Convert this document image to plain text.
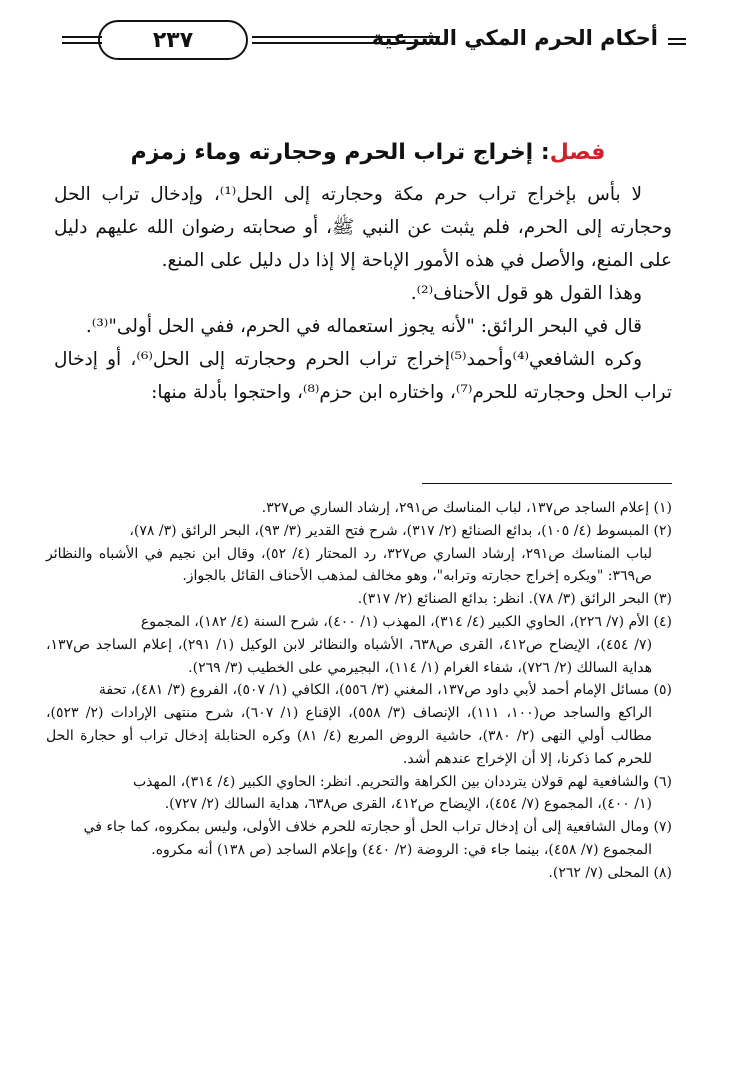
أحكام الحرم المكي الشرعية
٢٣٧
فصل: إخراج تراب الحرم وحجارته وماء زمزم

لا بأس بإخراج تراب حرم مكة وحجارته إلى الحل⁽¹⁾، وإدخال تراب الحل وحجارته إلى الحرم، فلم يثبت عن النبي ﷺ، أو صحابته رضوان الله عليهم دليل على المنع، والأصل في هذه الأمور الإباحة إلا إذا دل دليل على المنع.

وهذا القول هو قول الأحناف⁽²⁾.

قال في البحر الرائق: "لأنه يجوز استعماله في الحرم، ففي الحل أولى"⁽³⁾.

وكره الشافعي⁽⁴⁾وأحمد⁽⁵⁾إخراج تراب الحرم وحجارته إلى الحل⁽⁶⁾، أو إدخال تراب الحل وحجارته للحرم⁽⁷⁾، واختاره ابن حزم⁽⁸⁾، واحتجوا بأدلة منها:

(١) إعلام الساجد ص١٣٧، لباب المناسك ص٢٩١، إرشاد الساري ص٣٢٧.

(٢) المبسوط (٤/ ١٠٥)، بدائع الصنائع (٢/ ٣١٧)، شرح فتح القدير (٣/ ٩٣)، البحر الرائق (٣/ ٧٨)،
لباب المناسك ص٢٩١، إرشاد الساري ص٣٢٧، رد المحتار (٤/ ٥٢)، وقال ابن نجيم في الأشباه والنظائر ص٣٦٩: "ويكره إخراج حجارته وترابه"، وهو مخالف لمذهب الأحناف القائل بالجواز.

(٣) البحر الرائق (٣/ ٧٨). انظر: بدائع الصنائع (٢/ ٣١٧).

(٤) الأم (٧/ ٢٢٦)، الحاوي الكبير (٤/ ٣١٤)، المهذب (١/ ٤٠٠)، شرح السنة (٤/ ١٨٢)، المجموع
(٧/ ٤٥٤)، الإيضاح ص٤١٢، القرى ص٦٣٨، الأشباه والنظائر لابن الوكيل (١/ ٢٩١)، إعلام الساجد ص١٣٧، هداية السالك (٢/ ٧٢٦)، شفاء الغرام (١/ ١١٤)، البجيرمي على الخطيب (٣/ ٢٦٩).

(٥) مسائل الإمام أحمد لأبي داود ص١٣٧، المغني (٣/ ٥٥٦)، الكافي (١/ ٥٠٧)، الفروع (٣/ ٤٨١)، تحفة
الراكع والساجد ص(١٠٠، ١١١)، الإنصاف (٣/ ٥٥٨)، الإقناع (١/ ٦٠٧)، شرح منتهى الإرادات (٢/ ٥٢٣)، مطالب أولي النهى (٢/ ٣٨٠)، حاشية الروض المربع (٤/ ٨١) وكره الحنابلة إدخال تراب أو حجارة الحل للحرم كما ذكرنا، إلا أن الإخراج عندهم أشد.

(٦) والشافعية لهم قولان يترددان بين الكراهة والتحريم. انظر: الحاوي الكبير (٤/ ٣١٤)، المهذب
(١/ ٤٠٠)، المجموع (٧/ ٤٥٤)، الإيضاح ص٤١٢، القرى ص٦٣٨، هداية السالك (٢/ ٧٢٧).

(٧) ومال الشافعية إلى أن إدخال تراب الحل أو حجارته للحرم خلاف الأولى، وليس بمكروه، كما جاء في
المجموع (٧/ ٤٥٨)، بينما جاء في: الروضة (٢/ ٤٤٠) وإعلام الساجد (ص ١٣٨) أنه مكروه.

(٨) المحلى (٧/ ٢٦٢).
